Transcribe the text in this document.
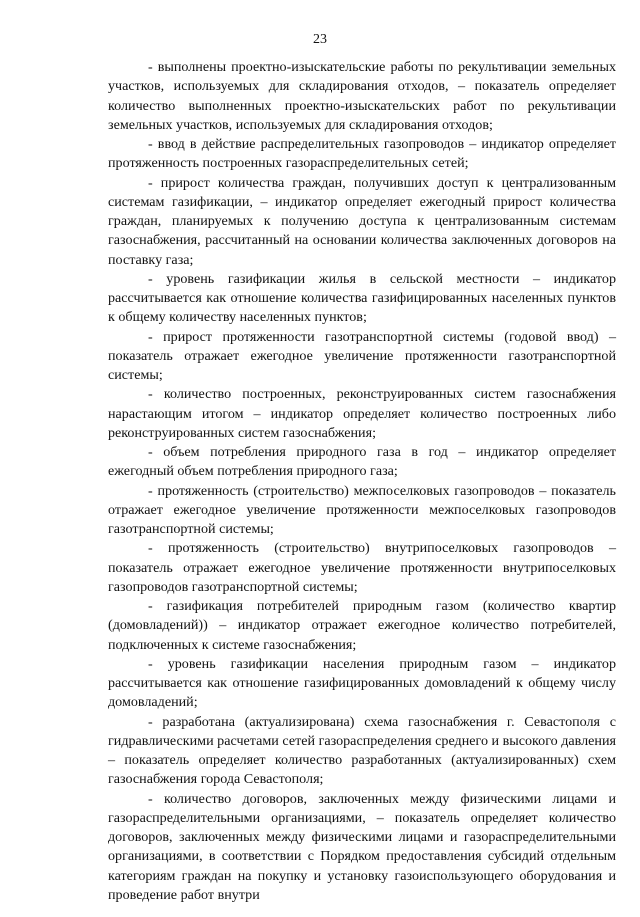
23

- выполнены проектно-изыскательские работы по рекультивации земельных участков, используемых для складирования отходов, – показатель определяет количество выполненных проектно-изыскательских работ по рекультивации земельных участков, используемых для складирования отходов;

- ввод в действие распределительных газопроводов – индикатор определяет протяженность построенных газораспределительных сетей;

- прирост количества граждан, получивших доступ к централизованным системам газификации, – индикатор определяет ежегодный прирост количества граждан, планируемых к получению доступа к централизованным системам газоснабжения, рассчитанный на основании количества заключенных договоров на поставку газа;

- уровень газификации жилья в сельской местности – индикатор рассчитывается как отношение количества газифицированных населенных пунктов к общему количеству населенных пунктов;

- прирост протяженности газотранспортной системы (годовой ввод) – показатель отражает ежегодное увеличение протяженности газотранспортной системы;

- количество построенных, реконструированных систем газоснабжения нарастающим итогом – индикатор определяет количество построенных либо реконструированных систем газоснабжения;

- объем потребления природного газа в год – индикатор определяет ежегодный объем потребления природного газа;

- протяженность (строительство) межпоселковых газопроводов – показатель отражает ежегодное увеличение протяженности межпоселковых газопроводов газотранспортной системы;

- протяженность (строительство) внутрипоселковых газопроводов – показатель отражает ежегодное увеличение протяженности внутрипоселковых газопроводов газотранспортной системы;

- газификация потребителей природным газом (количество квартир (домовладений)) – индикатор отражает ежегодное количество потребителей, подключенных к системе газоснабжения;

- уровень газификации населения природным газом – индикатор рассчитывается как отношение газифицированных домовладений к общему числу домовладений;

- разработана (актуализирована) схема газоснабжения г. Севастополя с гидравлическими расчетами сетей газораспределения среднего и высокого давления – показатель определяет количество разработанных (актуализированных) схем газоснабжения города Севастополя;

- количество договоров, заключенных между физическими лицами и газораспределительными организациями, – показатель определяет количество договоров, заключенных между физическими лицами и газораспределительными организациями, в соответствии с Порядком предоставления субсидий отдельным категориям граждан на покупку и установку газоиспользующего оборудования и проведение работ внутри
